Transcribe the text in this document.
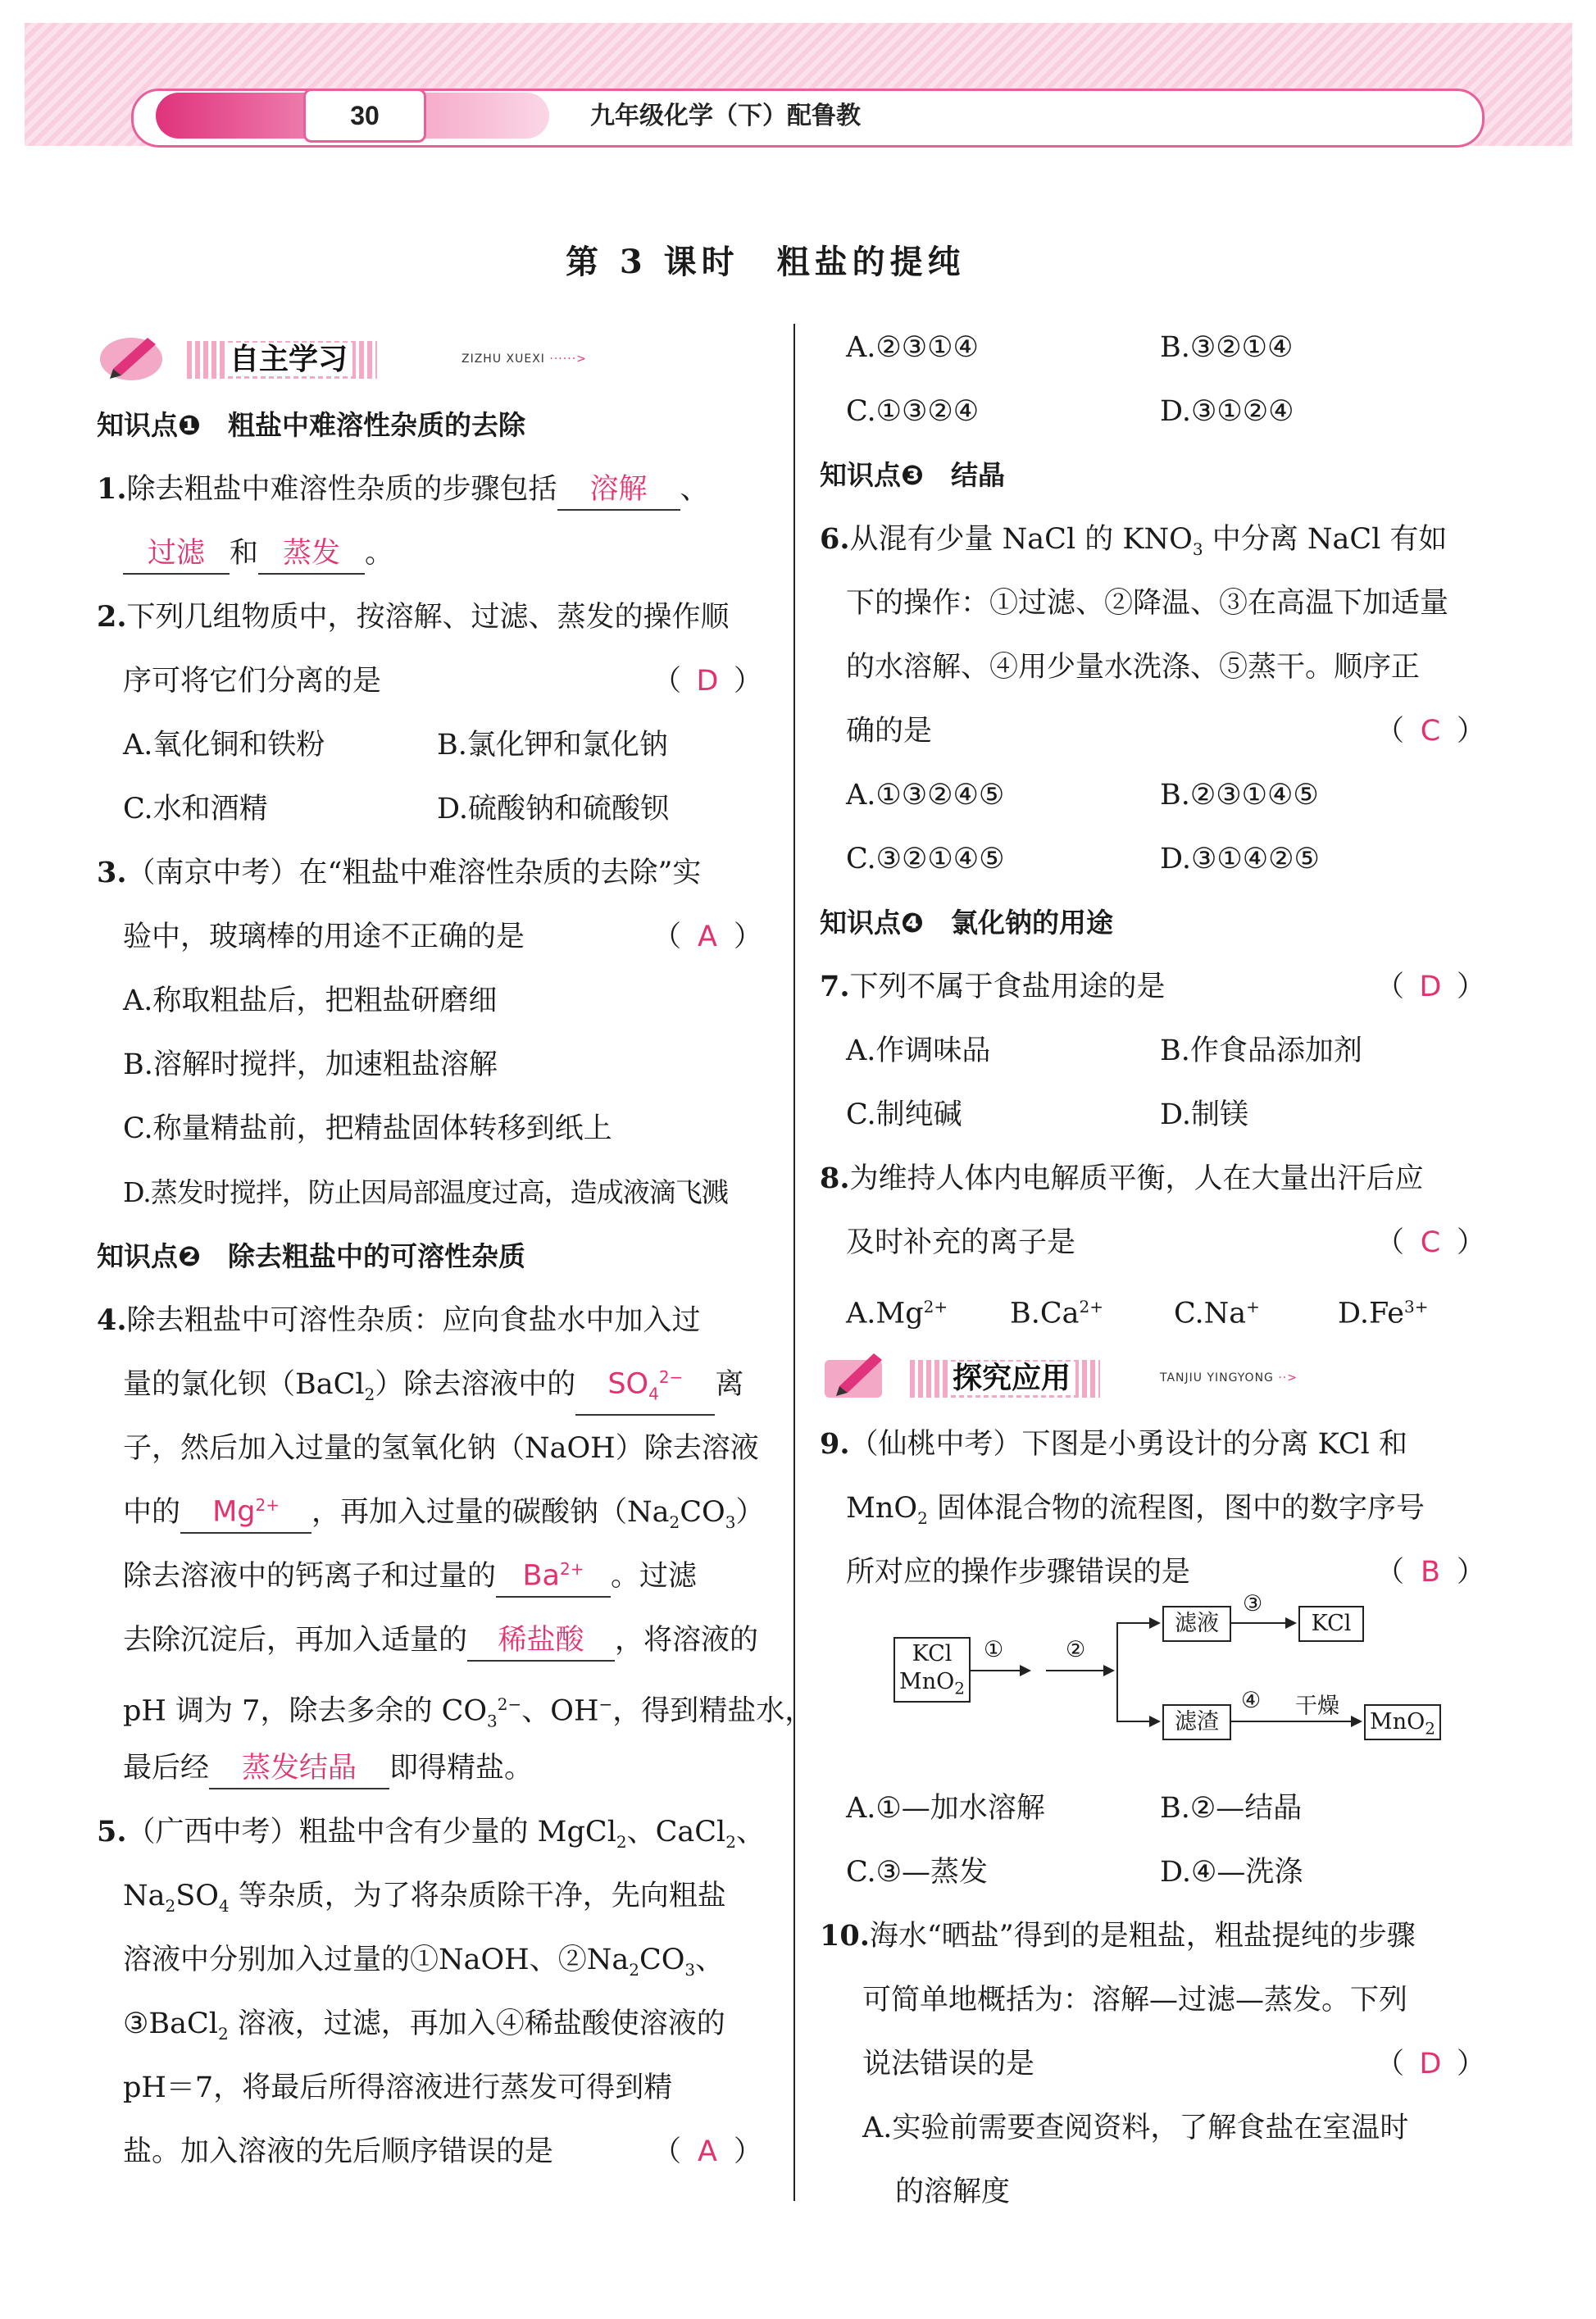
30	九年级化学（下）配鲁教
第 3 课时　粗盐的提纯
自主学习	ZIZHU XUEXI ······>
知识点❶　粗盐中难溶性杂质的去除
1.除去粗盐中难溶性杂质的步骤包括 溶解 、
过滤 和 蒸发 。
2.下列几组物质中，按溶解、过滤、蒸发的操作顺
序可将它们分离的是	（ D ）
A.氧化铜和铁粉	B.氯化钾和氯化钠
C.水和酒精	D.硫酸钠和硫酸钡
3.（南京中考）在“粗盐中难溶性杂质的去除”实
验中，玻璃棒的用途不正确的是	（ A ）
A.称取粗盐后，把粗盐研磨细
B.溶解时搅拌，加速粗盐溶解
C.称量精盐前，把精盐固体转移到纸上
D.蒸发时搅拌，防止因局部温度过高，造成液滴飞溅
知识点❷　除去粗盐中的可溶性杂质
4.除去粗盐中可溶性杂质：应向食盐水中加入过
量的氯化钡（BaCl$_2$）除去溶液中的 $SO_4^{2-}$ 离
子，然后加入过量的氢氧化钠（NaOH）除去溶液
中的 $Mg^{2+}$ ，再加入过量的碳酸钠$(Na_2CO_3)$
除去溶液中的钙离子和过量的 $Ba^{2+}$ 。过滤
去除沉淀后，再加入适量的 稀盐酸 ，将溶液的
pH 调为 7，除去多余的 $CO_3^{2-}$、OH−，得到精盐水，
最后经 蒸发结晶 即得精盐。
5.（广西中考）粗盐中含有少量的 MgCl$_2$、CaCl$_2$、
$Na_2SO_4$ 等杂质，为了将杂质除干净，先向粗盐
溶液中分别加入过量的①NaOH、$②Na_2CO_3$、
③BaCl$_2$ 溶液，过滤，再加入④稀盐酸使溶液的
pH＝7，将最后所得溶液进行蒸发可得到精
盐。加入溶液的先后顺序错误的是	（ A ）
A.②③①④	B.③②①④
C.①③②④	D.③①②④
知识点❸　结晶
6.从混有少量 NaCl 的 $KNO_3$ 中分离 NaCl 有如
下的操作：①过滤、②降温、③在高温下加适量
的水溶解、④用少量水洗涤、⑤蒸干。顺序正
确的是	（ C ）
A.①③②④⑤	B.②③①④⑤
C.③②①④⑤	D.③①④②⑤
知识点❹　氯化钠的用途
7.下列不属于食盐用途的是	（ D ）
A.作调味品	B.作食品添加剂
C.制纯碱	D.制镁
8.为维持人体内电解质平衡，人在大量出汗后应
及时补充的离子是	（ C ）
$A.Mg^{2+}$ $B.Ca^{2+}$ C.Na+	$D.Fe^{3+}$
探究应用	TANJIU YINGYONG ··>
9.（仙桃中考）下图是小勇设计的分离 KCl 和
MnO$_2$ 固体混合物的流程图，图中的数字序号
所对应的操作步骤错误的是	（ B ）
KCl
MnO$_2$
①	②
滤液
③
KCl
滤渣
④ 干燥
MnO$_2$
A.①—加水溶解	B.②—结晶
C.③—蒸发	D.④—洗涤
10.海水“晒盐”得到的是粗盐，粗盐提纯的步骤
可简单地概括为：溶解—过滤—蒸发。下列
说法错误的是	（ D ）
A.实验前需要查阅资料，了解食盐在室温时
的溶解度
